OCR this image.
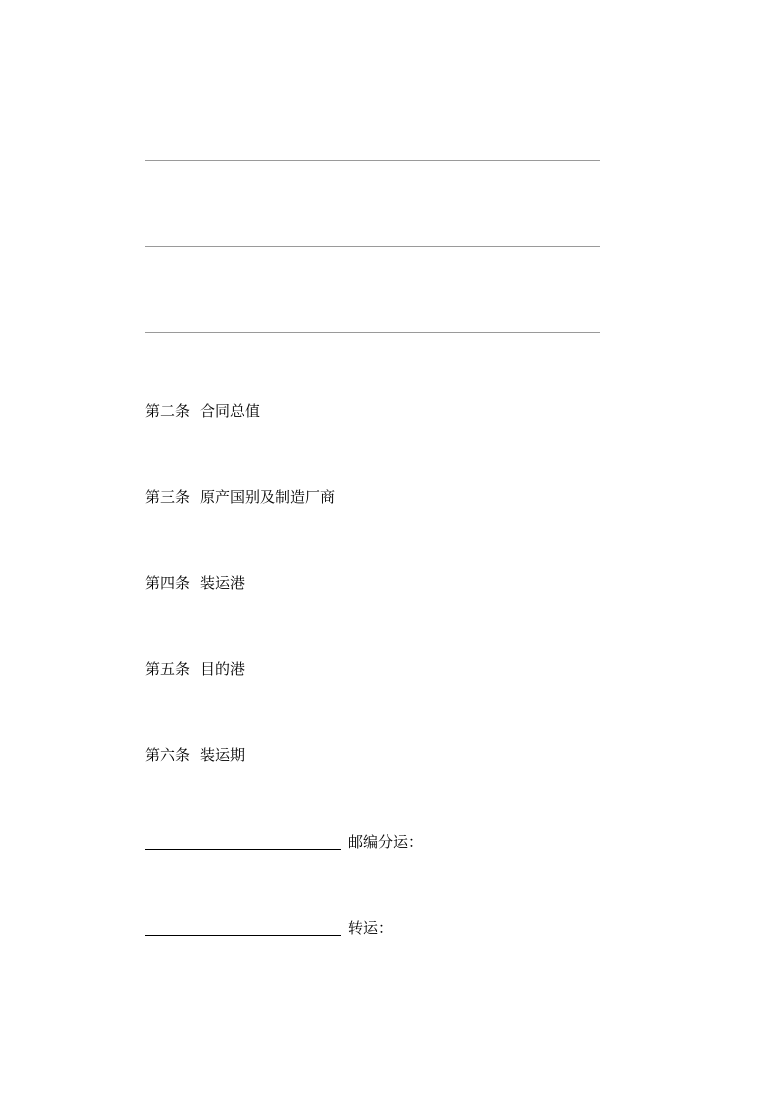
第二条 合同总值
第三条 原产国别及制造厂商
第四条 装运港
第五条 目的港
第六条 装运期
邮编分运：
转运：
